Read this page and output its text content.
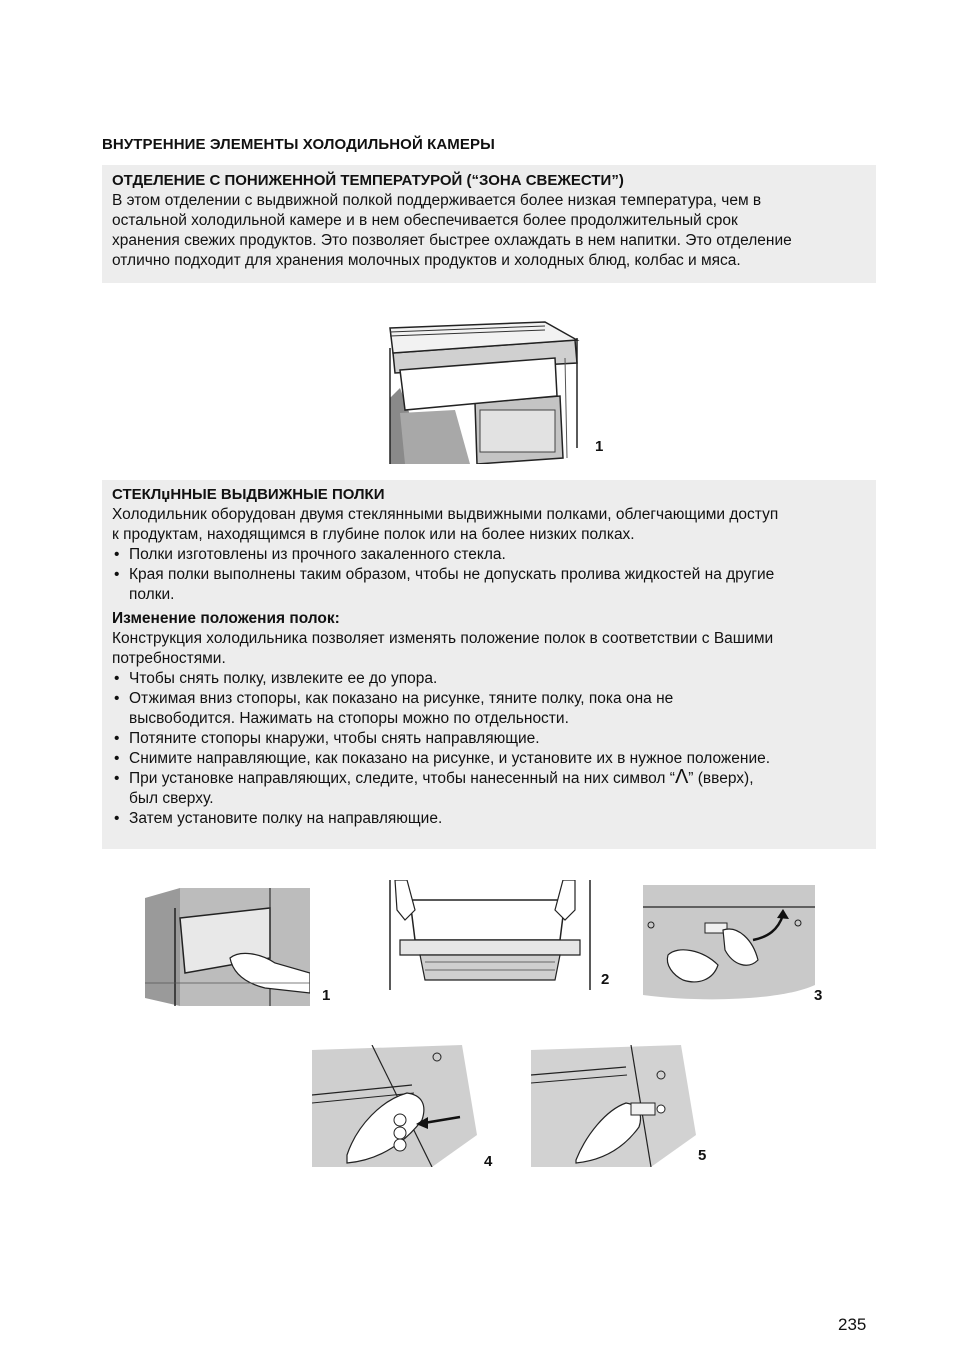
ВНУТРЕННИЕ ЭЛЕМЕНТЫ ХОЛОДИЛЬНОЙ КАМЕРЫ
ОТДЕЛЕНИЕ С ПОНИЖЕННОЙ ТЕМПЕРАТУРОЙ (“ЗОНА СВЕЖЕСТИ”)

В этом отделении с выдвижной полкой поддерживается более низкая температура, чем в

остальной холодильной камере и в нем обеспечивается более продолжительный срок

хранения свежих продуктов. Это позволяет быстрее охлаждать в нем напитки. Это отделение

отлично подходит для хранения молочных продуктов и холодных блюд, колбас и мяса.

1
СТЕКЛџННЫЕ ВЫДВИЖНЫЕ ПОЛКИ

Холодильник оборудован двумя стеклянными выдвижными полками, облегчающими доступ

к продуктам, находящимся в глубине полок или на более низких полках.

• Полки изготовлены из прочного закаленного стекла.
• Края полки выполнены таким образом, чтобы не допускать пролива жидкостей на другие
полки.
Изменение положения полок:

Конструкция холодильника позволяет изменять положение полок в соответствии с Вашими

потребностями.

• Чтобы снять полку, извлеките ее до упора.
• Отжимая вниз стопоры, как показано на рисунке, тяните полку, пока она не
высвободится. Нажимать на стопоры можно по отдельности.
• Потяните стопоры кнаружи, чтобы снять направляющие.
• Снимите направляющие, как показано на рисунке, и установите их в нужное положение.
• При установке направляющих, следите, чтобы нанесенный на них символ “Λ” (вверх),
был сверху.
• Затем установите полку на направляющие.
1
2
3
4	5
235
